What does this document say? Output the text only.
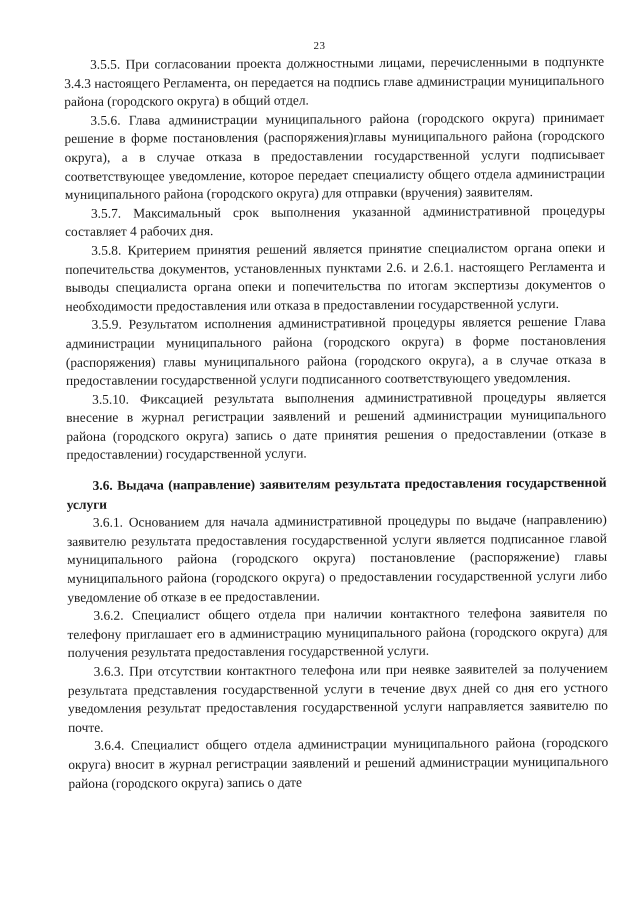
23

3.5.5. При согласовании проекта должностными лицами, перечисленными в подпункте 3.4.3 настоящего Регламента, он передается на подпись главе администрации муниципального района (городского округа) в общий отдел.

3.5.6. Глава администрации муниципального района (городского округа) принимает решение в форме постановления (распоряжения)главы муниципального района (городского округа), а в случае отказа в предоставлении государственной услуги подписывает соответствующее уведомление, которое передает специалисту общего отдела администрации муниципального района (городского округа) для отправки (вручения) заявителям.

3.5.7. Максимальный срок выполнения указанной административной процедуры составляет 4 рабочих дня.

3.5.8. Критерием принятия решений является принятие специалистом органа опеки и попечительства документов, установленных пунктами 2.6. и 2.6.1. настоящего Регламента и выводы специалиста органа опеки и попечительства по итогам экспертизы документов о необходимости предоставления или отказа в предоставлении государственной услуги.

3.5.9. Результатом исполнения административной процедуры является решение Глава администрации муниципального района (городского округа) в форме постановления (распоряжения) главы муниципального района (городского округа), а в случае отказа в предоставлении государственной услуги подписанного соответствующего уведомления.

3.5.10. Фиксацией результата выполнения административной процедуры является внесение в журнал регистрации заявлений и решений администрации муниципального района (городского округа) запись о дате принятия решения о предоставлении (отказе в предоставлении) государственной услуги.

3.6. Выдача (направление) заявителям результата предоставления государственной услуги

3.6.1. Основанием для начала административной процедуры по выдаче (направлению) заявителю результата предоставления государственной услуги является подписанное главой муниципального района (городского округа) постановление (распоряжение) главы муниципального района (городского округа) о предоставлении государственной услуги либо уведомление об отказе в ее предоставлении.

3.6.2. Специалист общего отдела при наличии контактного телефона заявителя по телефону приглашает его в администрацию муниципального района (городского округа) для получения результата предоставления государственной услуги.

3.6.3. При отсутствии контактного телефона или при неявке заявителей за получением результата представления государственной услуги в течение двух дней со дня его устного уведомления результат предоставления государственной услуги направляется заявителю по почте.

3.6.4. Специалист общего отдела администрации муниципального района (городского округа) вносит в журнал регистрации заявлений и решений администрации муниципального района (городского округа) запись о дате
